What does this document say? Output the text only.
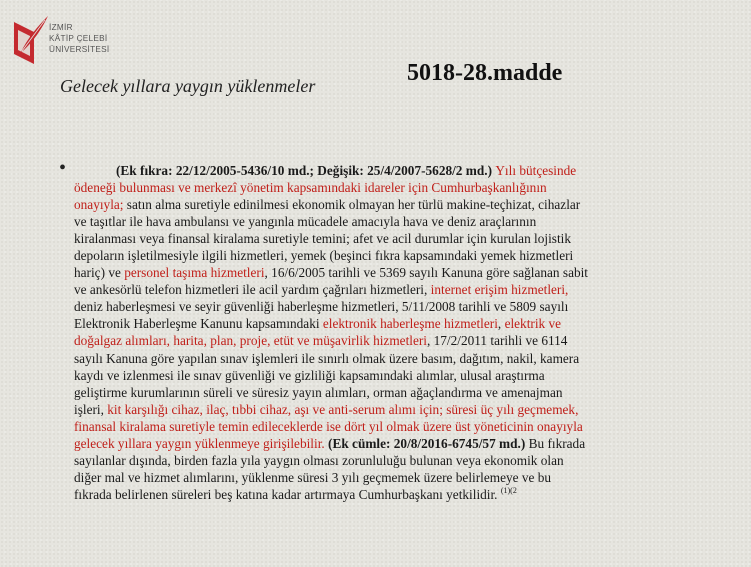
İZMİR
KÂTİP ÇELEBİ
ÜNİVERSİTESİ
Gelecek yıllara yaygın yüklenmeler	5018-28.madde
•	(Ek fıkra: 22/12/2005-5436/10 md.; Değişik: 25/4/2007-5628/2 md.) Yılı bütçesinde
ödeneği bulunması ve merkezî yönetim kapsamındaki idareler için Cumhurbaşkanlığının
onayıyla; satın alma suretiyle edinilmesi ekonomik olmayan her türlü makine-teçhizat, cihazlar
ve taşıtlar ile hava ambulansı ve yangınla mücadele amacıyla hava ve deniz araçlarının
kiralanması veya finansal kiralama suretiyle temini; afet ve acil durumlar için kurulan lojistik
depoların işletilmesiyle ilgili hizmetleri, yemek (beşinci fıkra kapsamındaki yemek hizmetleri
hariç) ve personel taşıma hizmetleri, 16/6/2005 tarihli ve 5369 sayılı Kanuna göre sağlanan sabit
ve ankesörlü telefon hizmetleri ile acil yardım çağrıları hizmetleri, internet erişim hizmetleri,
deniz haberleşmesi ve seyir güvenliği haberleşme hizmetleri, 5/11/2008 tarihli ve 5809 sayılı
Elektronik Haberleşme Kanunu kapsamındaki elektronik haberleşme hizmetleri, elektrik ve
doğalgaz alımları, harita, plan, proje, etüt ve müşavirlik hizmetleri, 17/2/2011 tarihli ve 6114
sayılı Kanuna göre yapılan sınav işlemleri ile sınırlı olmak üzere basım, dağıtım, nakil, kamera
kaydı ve izlenmesi ile sınav güvenliği ve gizliliği kapsamındaki alımlar, ulusal araştırma
geliştirme kurumlarının süreli ve süresiz yayın alımları, orman ağaçlandırma ve amenajman
işleri, kit karşılığı cihaz, ilaç, tıbbi cihaz, aşı ve anti-serum alımı için; süresi üç yılı geçmemek,
finansal kiralama suretiyle temin edileceklerde ise dört yıl olmak üzere üst yöneticinin onayıyla
gelecek yıllara yaygın yüklenmeye girişilebilir. (Ek cümle: 20/8/2016-6745/57 md.) Bu fıkrada
sayılanlar dışında, birden fazla yıla yaygın olması zorunluluğu bulunan veya ekonomik olan
diğer mal ve hizmet alımlarını, yüklenme süresi 3 yılı geçmemek üzere belirlemeye ve bu
fıkrada belirlenen süreleri beş katına kadar artırmaya Cumhurbaşkanı yetkilidir. $^{(1)(2}$
